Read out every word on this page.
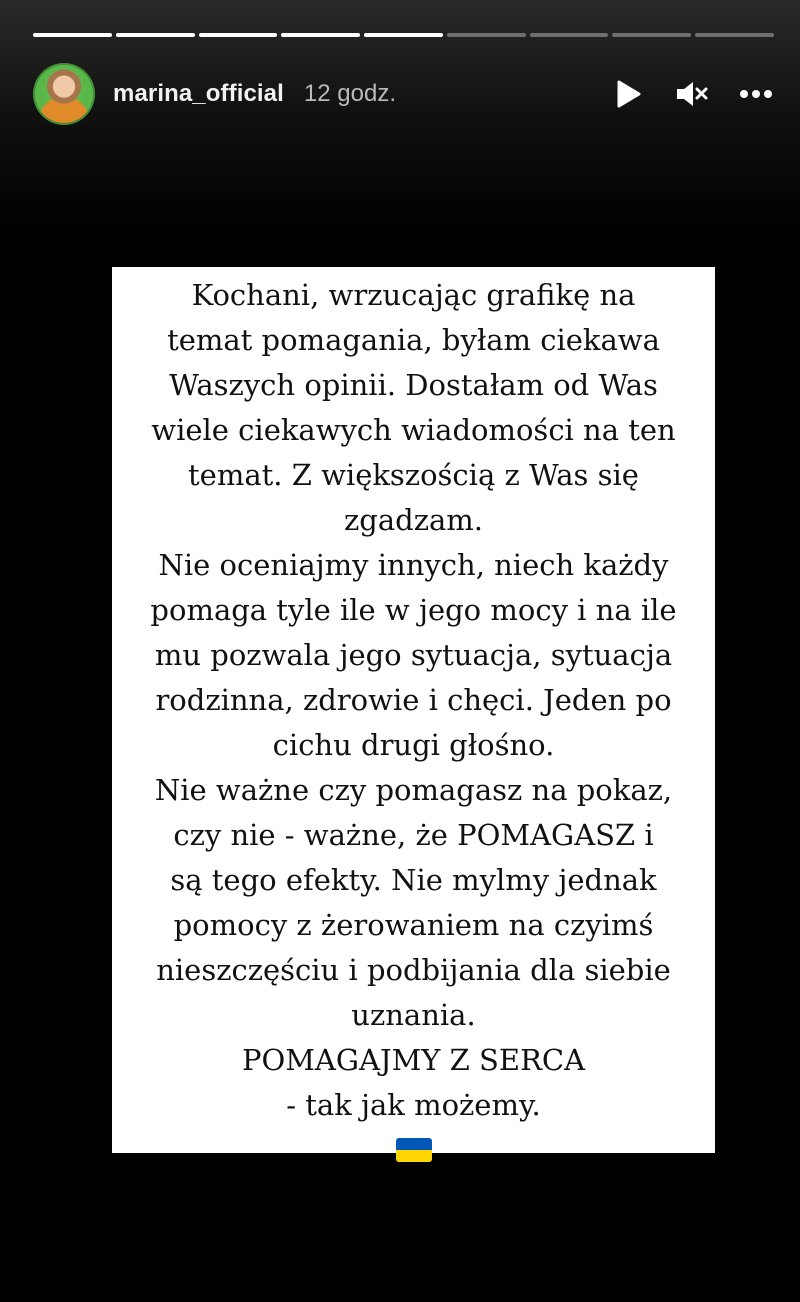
marina_official 12 godz.
Kochani, wrzucając grafikę na
temat pomagania, byłam ciekawa
Waszych opinii. Dostałam od Was
wiele ciekawych wiadomości na ten
temat. Z większością z Was się
zgadzam.
Nie oceniajmy innych, niech każdy
pomaga tyle ile w jego mocy i na ile
mu pozwala jego sytuacja, sytuacja
rodzinna, zdrowie i chęci. Jeden po
cichu drugi głośno.
Nie ważne czy pomagasz na pokaz,
czy nie - ważne, że POMAGASZ i
są tego efekty. Nie mylmy jednak
pomocy z żerowaniem na czyimś
nieszczęściu i podbijania dla siebie
uznania.
POMAGAJMY Z SERCA
- tak jak możemy.
